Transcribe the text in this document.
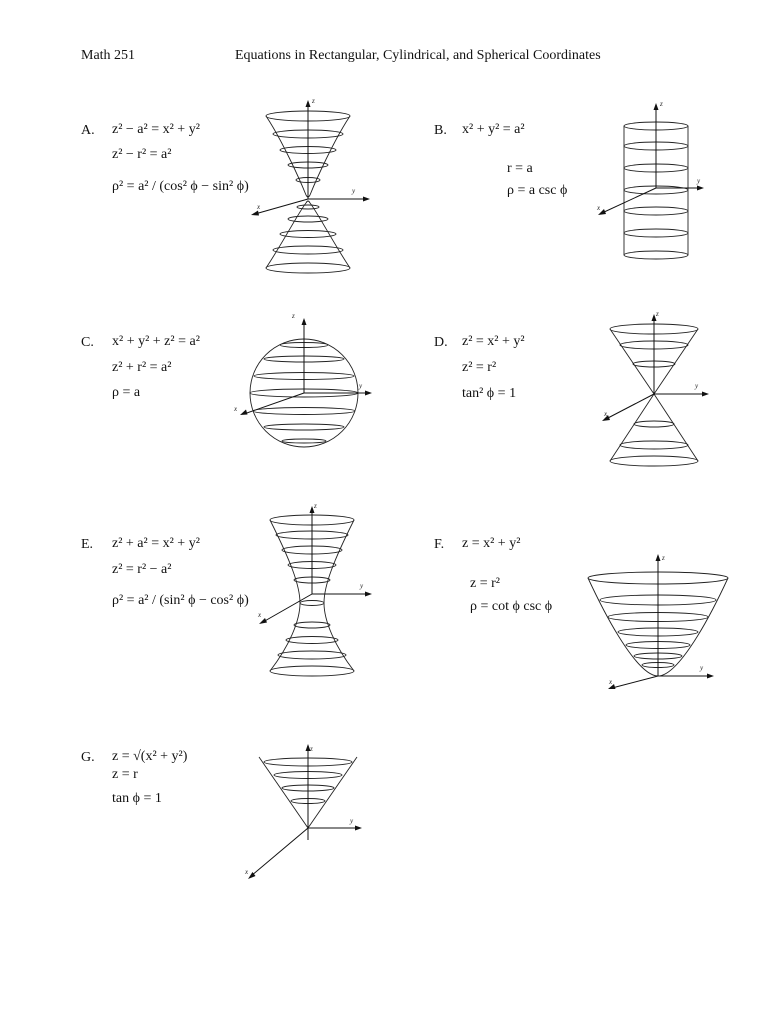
Math 251	Equations in Rectangular, Cylindrical, and Spherical Coordinates
A. z² − a² = x² + y²
z² − r² = a²
ρ² = a² / (cos² ϕ − sin² ϕ)
B. x² + y² = a²
r = a
ρ = a csc ϕ
C. x² + y² + z² = a²
z² + r² = a²
ρ = a
D. z² = x² + y²
z² = r²
tan² ϕ = 1
E. z² + a² = x² + y²
z² = r² − a²
ρ² = a² / (sin² ϕ − cos² ϕ)
F. z = x² + y²
z = r²
ρ = cot ϕ csc ϕ
G. z = √(x² + y²)
z = r
tan ϕ = 1
z
y
x
z
y
x
z
y
x
z
y
x
z
y
x
z
y
x
z
y
x
